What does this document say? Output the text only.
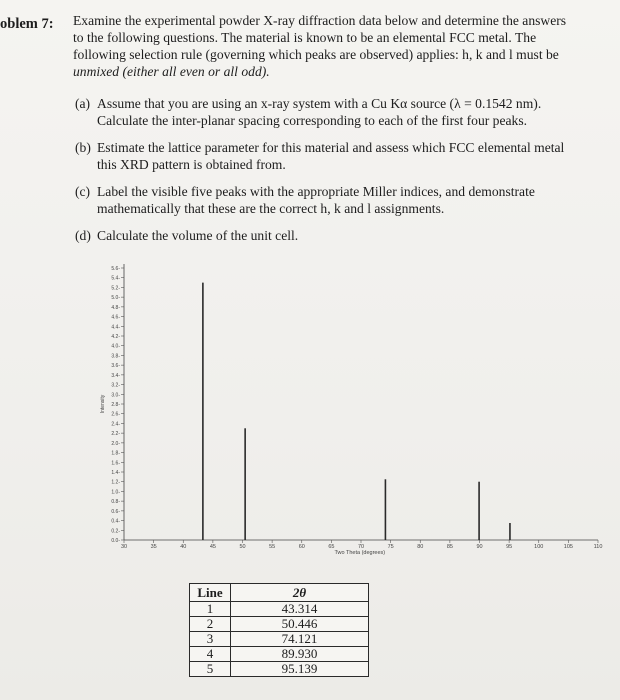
oblem 7: Examine the experimental powder X-ray diffraction data below and determine the answers
to the following questions. The material is known to be an elemental FCC metal. The
following selection rule (governing which peaks are observed) applies: h, k and l must be
unmixed (either all even or all odd).
(a) Assume that you are using an x-ray system with a Cu Kα source (λ = 0.1542 nm).
Calculate the inter-planar spacing corresponding to each of the first four peaks.
(b) Estimate the lattice parameter for this material and assess which FCC elemental metal
this XRD pattern is obtained from.
(c) Label the visible five peaks with the appropriate Miller indices, and demonstrate
mathematically that these are the correct h, k and l assignments.
(d) Calculate the volume of the unit cell.
0.0-
0.2-
0.4-
0.6-
0.8-
1.0-
1.2-
1.4-
1.6-
1.8-
2.0-
2.2-
2.4-
2.6-
2.8-
3.0-
3.2-
3.4-
3.6-
3.8-
4.0-
4.2-
4.4-
4.6-
4.8-
5.0-
5.2-
5.4-
5.6-
30	35	40	45	50	55	60	65	70	75	80	85	90	95	100	105	110
Intensity
Two Theta (degrees)
Line	2θ
1	43.314
2	50.446
3	74.121
4	89.930
5	95.139
